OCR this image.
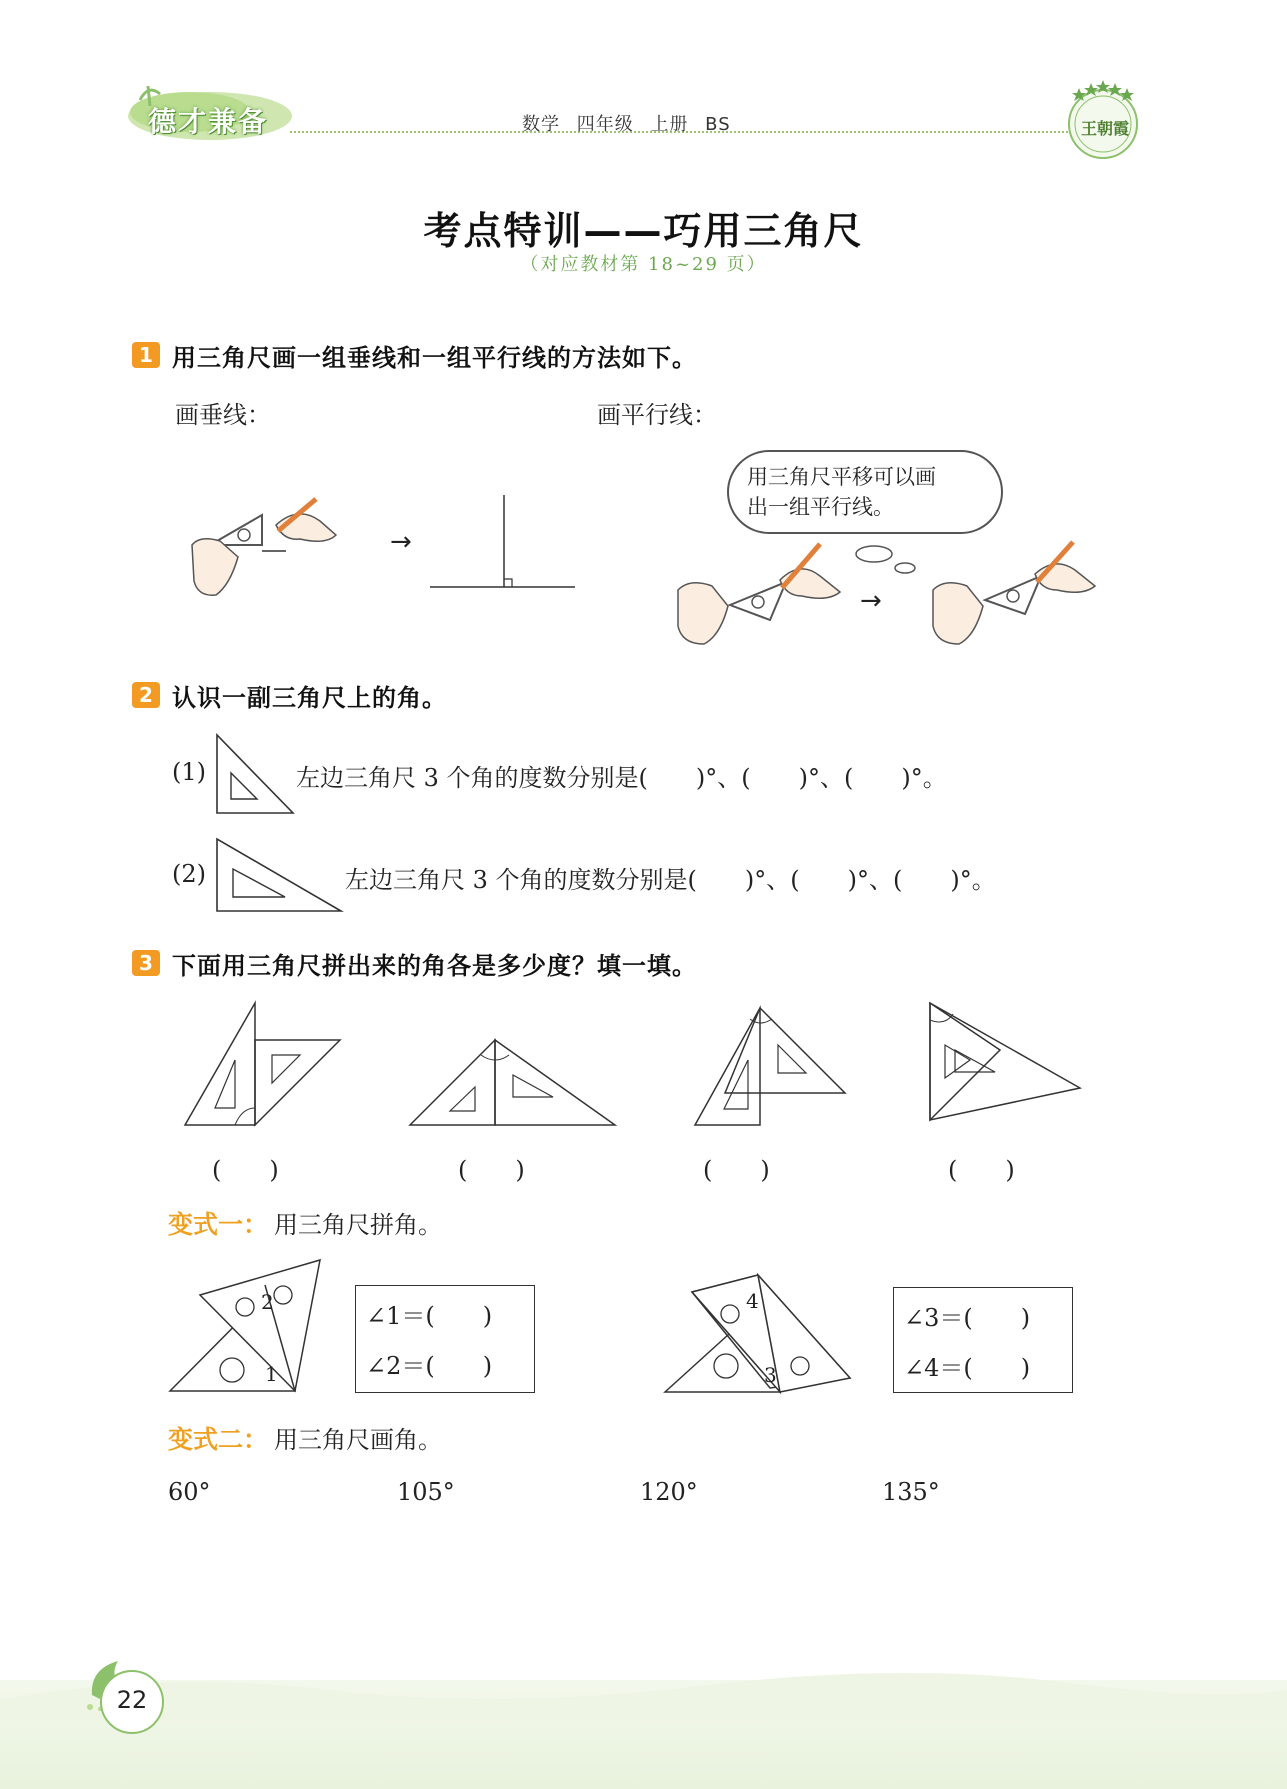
德才兼备	数学 四年级 上册 BS	王朝霞
考点特训——巧用三角尺
（对应教材第 18~29 页）
1 用三角尺画一组垂线和一组平行线的方法如下。
画垂线：	画平行线：
→
用三角尺平移可以画
出一组平行线。
→
2 认识一副三角尺上的角。
(1)	左边三角尺 3 个角的度数分别是(　　)°、(　　)°、(　　)°。
(2)	左边三角尺 3 个角的度数分别是(　　)°、(　　)°、(　　)°。
3 下面用三角尺拼出来的角各是多少度？填一填。
(　　)	(　　)	(　　)	(　　)
变式一： 用三角尺拼角。
2
1
∠1＝(　　)
∠2＝(　　)
4
3
∠3＝(　　)
∠4＝(　　)
变式二： 用三角尺画角。
60°	105°	120°	135°
22
